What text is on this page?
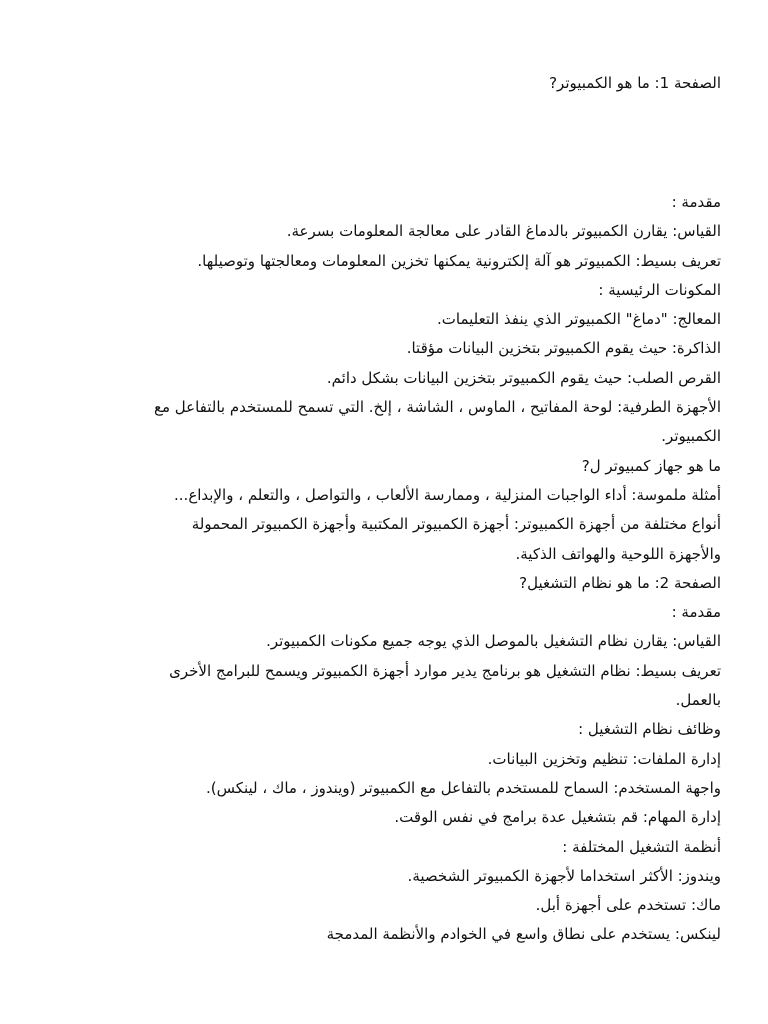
?الصفحة 1: ما هو الكمبيوتر
: مقدمة
.القياس: يقارن الكمبيوتر بالدماغ القادر على معالجة المعلومات بسرعة
.تعريف بسيط: الكمبيوتر هو آلة إلكترونية يمكنها تخزين المعلومات ومعالجتها وتوصيلها
: المكونات الرئيسية
.المعالج: "دماغ" الكمبيوتر الذي ينفذ التعليمات
.الذاكرة: حيث يقوم الكمبيوتر بتخزين البيانات مؤقتا
.القرص الصلب: حيث يقوم الكمبيوتر بتخزين البيانات بشكل دائم
الأجهزة الطرفية: لوحة المفاتيح ، الماوس ، الشاشة ، إلخ. التي تسمح للمستخدم بالتفاعل مع
.الكمبيوتر
?ما هو جهاز كمبيوتر ل
...أمثلة ملموسة: أداء الواجبات المنزلية ، وممارسة الألعاب ، والتواصل ، والتعلم ، والإبداع
أنواع مختلفة من أجهزة الكمبيوتر: أجهزة الكمبيوتر المكتبية وأجهزة الكمبيوتر المحمولة
.والأجهزة اللوحية والهواتف الذكية
?الصفحة 2: ما هو نظام التشغيل
: مقدمة
.القياس: يقارن نظام التشغيل بالموصل الذي يوجه جميع مكونات الكمبيوتر
تعريف بسيط: نظام التشغيل هو برنامج يدير موارد أجهزة الكمبيوتر ويسمح للبرامج الأخرى
.بالعمل
: وظائف نظام التشغيل
.إدارة الملفات: تنظيم وتخزين البيانات
.واجهة المستخدم: السماح للمستخدم بالتفاعل مع الكمبيوتر (ويندوز ، ماك ، لينكس)
.إدارة المهام: قم بتشغيل عدة برامج في نفس الوقت
: أنظمة التشغيل المختلفة
.ويندوز: الأكثر استخداما لأجهزة الكمبيوتر الشخصية
.ماك: تستخدم على أجهزة أبل
لينكس: يستخدم على نطاق واسع في الخوادم والأنظمة المدمجة
